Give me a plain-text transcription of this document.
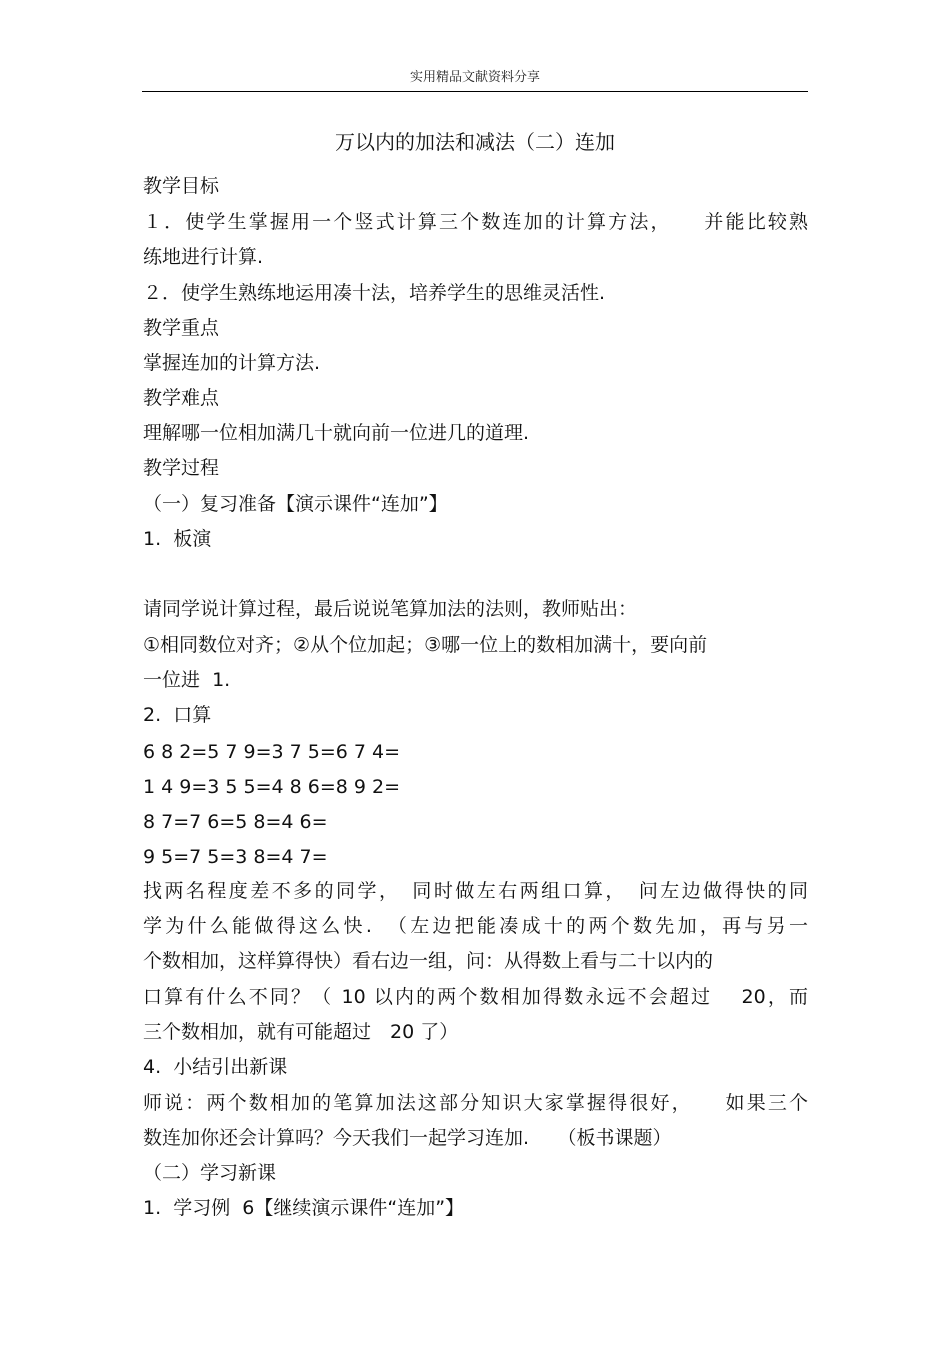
实用精品文献资料分享
万以内的加法和减法（二）连加
教学目标
１．使学生掌握用一个竖式计算三个数连加的计算方法，　　并能比较熟
练地进行计算.
２．使学生熟练地运用凑十法，培养学生的思维灵活性.
教学重点
掌握连加的计算方法.
教学难点
理解哪一位相加满几十就向前一位进几的道理.
教学过程
（一）复习准备【演示课件“连加”】
1.  板演
请同学说计算过程，最后说说笔算加法的法则，教师贴出：
①相同数位对齐；②从个位加起；③哪一位上的数相加满十，要向前
一位进  1.
2.  口算
6 8 2=5 7 9=3 7 5=6 7 4=
1 4 9=3 5 5=4 8 6=8 9 2=
8 7=7 6=5 8=4 6=
9 5=7 5=3 8=4 7=
找两名程度差不多的同学，　同时做左右两组口算，　问左边做得快的同
学为什么能做得这么快.　（左边把能凑成十的两个数先加，再与另一
个数相加，这样算得快）看右边一组，问：从得数上看与二十以内的
口算有什么不同？（ 10 以内的两个数相加得数永远不会超过　 20，而
三个数相加，就有可能超过　20 了）
4.  小结引出新课
师说：两个数相加的笔算加法这部分知识大家掌握得很好，　　如果三个
数连加你还会计算吗？今天我们一起学习连加.　　（板书课题）
（二）学习新课
1.  学习例  6【继续演示课件“连加”】
